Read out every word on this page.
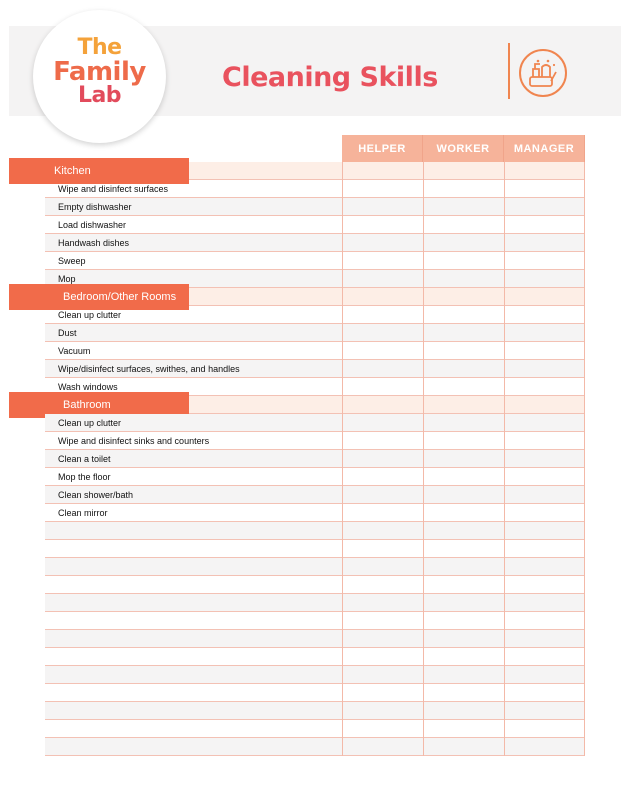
The
Family
Lab
Cleaning Skills
Kitchen
Wipe and disinfect surfaces
Empty dishwasher
Load dishwasher
Handwash dishes
Sweep
Mop
Bedroom/Other Rooms
Clean up clutter
Dust
Vacuum
Wipe/disinfect surfaces, swithes, and handles
Wash windows
Bathroom
Clean up clutter
Wipe and disinfect sinks and counters
Clean a toilet
Mop the floor
Clean shower/bath
Clean mirror
HELPER	WORKER	MANAGER
